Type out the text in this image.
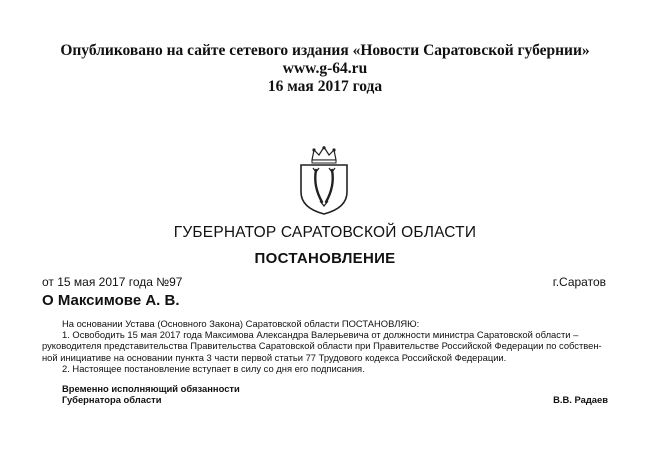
Опубликовано на сайте сетевого издания «Новости Саратовской губернии»
www.g-64.ru
16 мая 2017 года
ГУБЕРНАТОР САРАТОВСКОЙ ОБЛАСТИ
ПОСТАНОВЛЕНИЕ
от 15 мая 2017 года №97	г.Саратов
О Максимове А. В.

На основании Устава (Основного Закона) Саратовской области ПОСТАНОВЛЯЮ:

1. Освободить 15 мая 2017 года Максимова Александра Валерьевича от должности министра Саратовской области –

руководителя представительства Правительства Саратовской области при Правительстве Российской Федерации по собствен-

ной инициативе на основании пункта 3 части первой статьи 77 Трудового кодекса Российской Федерации.

2. Настоящее постановление вступает в силу со дня его подписания.

Временно исполняющий обязанности
Губернатора области	В.В. Радаев
